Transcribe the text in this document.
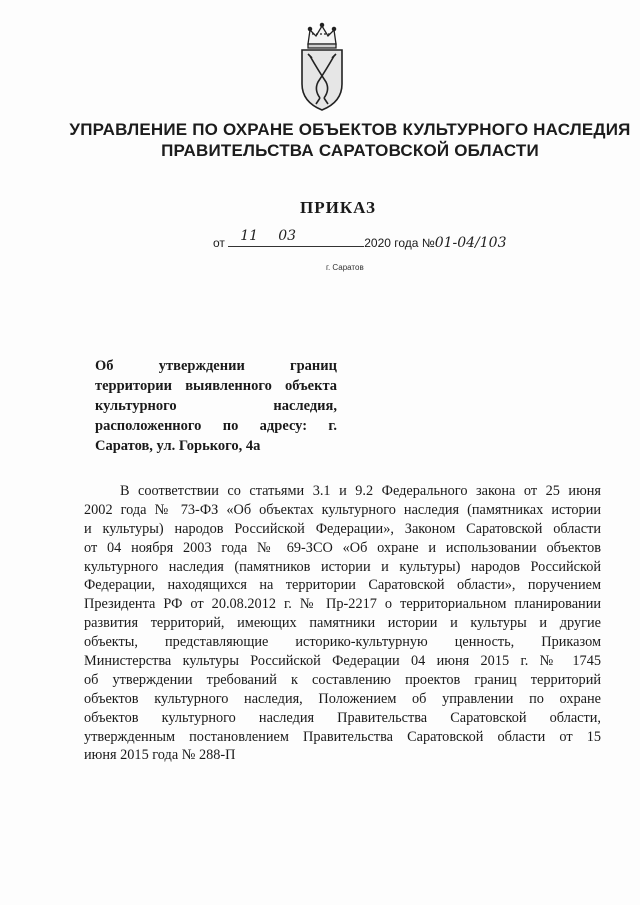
УПРАВЛЕНИЕ ПО ОХРАНЕ ОБЪЕКТОВ КУЛЬТУРНОГО НАСЛЕДИЯ
ПРАВИТЕЛЬСТВА САРАТОВСКОЙ ОБЛАСТИ
ПРИКАЗ
от 11 03	2020 года №01-04/103
г. Саратов
Об утверждении границ
территории выявленного объекта
культурного наследия,
расположенного по адресу: г.
Саратов, ул. Горького, 4а
В соответствии со статьями 3.1 и 9.2 Федерального закона от 25 июня
2002 года № 73-ФЗ «Об объектах культурного наследия (памятниках истории
и культуры) народов Российской Федерации», Законом Саратовской области
от 04 ноября 2003 года № 69-ЗСО «Об охране и использовании объектов
культурного наследия (памятников истории и культуры) народов Российской
Федерации, находящихся на территории Саратовской области», поручением
Президента РФ от 20.08.2012 г. № Пр-2217 о территориальном планировании
развития территорий, имеющих памятники истории и культуры и другие
объекты, представляющие историко-культурную ценность, Приказом
Министерства культуры Российской Федерации 04 июня 2015 г. № 1745
об утверждении требований к составлению проектов границ территорий
объектов культурного наследия, Положением об управлении по охране
объектов культурного наследия Правительства Саратовской области,
утвержденным постановлением Правительства Саратовской области от 15
июня 2015 года № 288-П
